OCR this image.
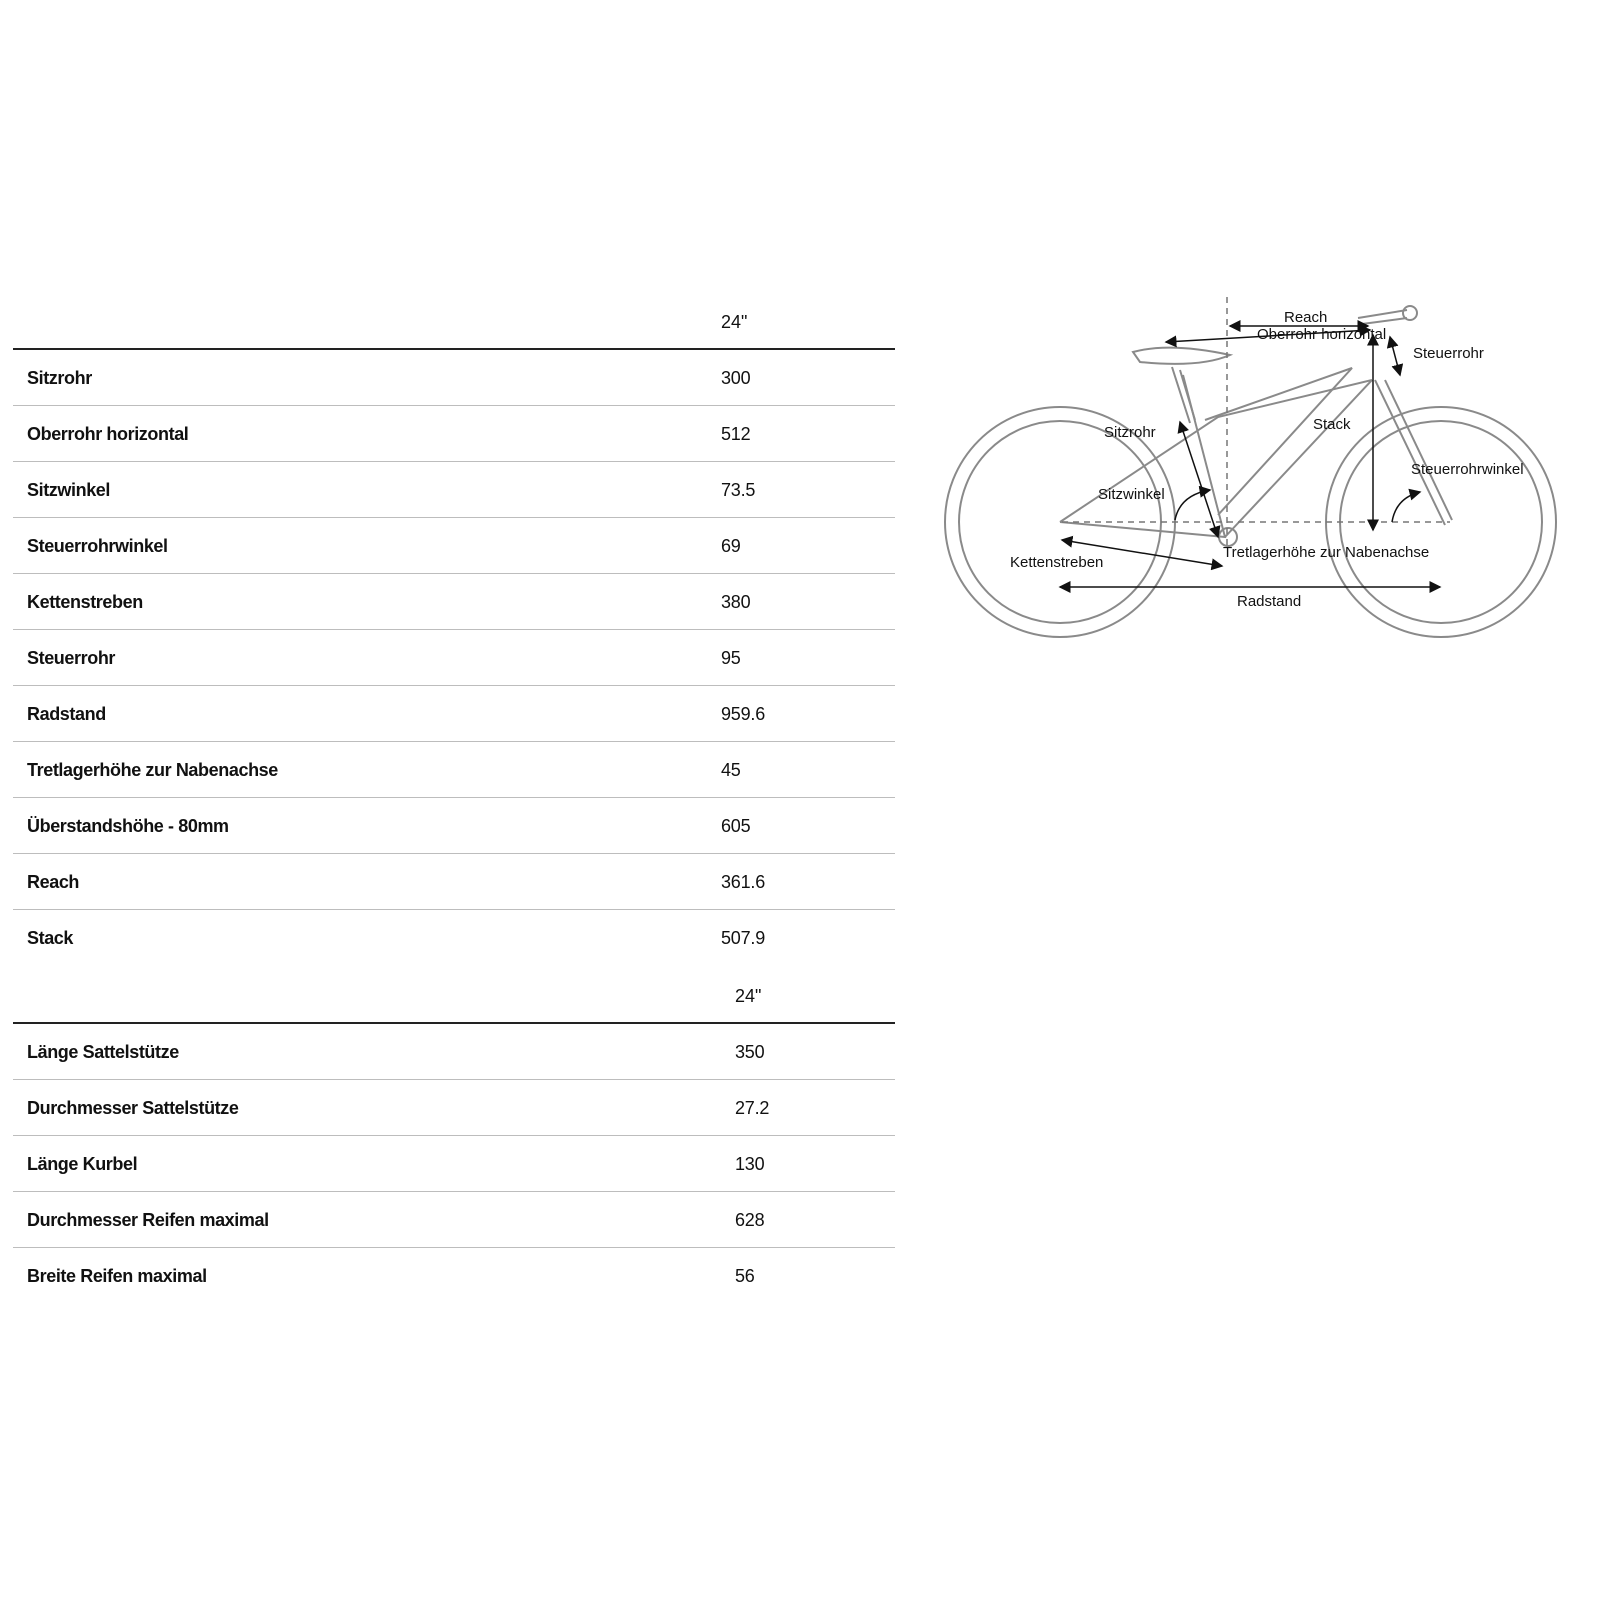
24"
Sitzrohr	300
Oberrohr horizontal	512
Sitzwinkel	73.5
Steuerrohrwinkel	69
Kettenstreben	380
Steuerrohr	95
Radstand	959.6
Tretlagerhöhe zur Nabenachse	45
Überstandshöhe - 80mm	605
Reach	361.6
Stack	507.9
24"
Länge Sattelstütze	350
Durchmesser Sattelstütze	27.2
Länge Kurbel	130
Durchmesser Reifen maximal	628
Breite Reifen maximal	56
Reach
Oberrohr horizontal
Steuerrohr
Sitzrohr	Stack
Steuerrohrwinkel
Sitzwinkel
Tretlagerhöhe zur Nabenachse
Kettenstreben
Radstand
